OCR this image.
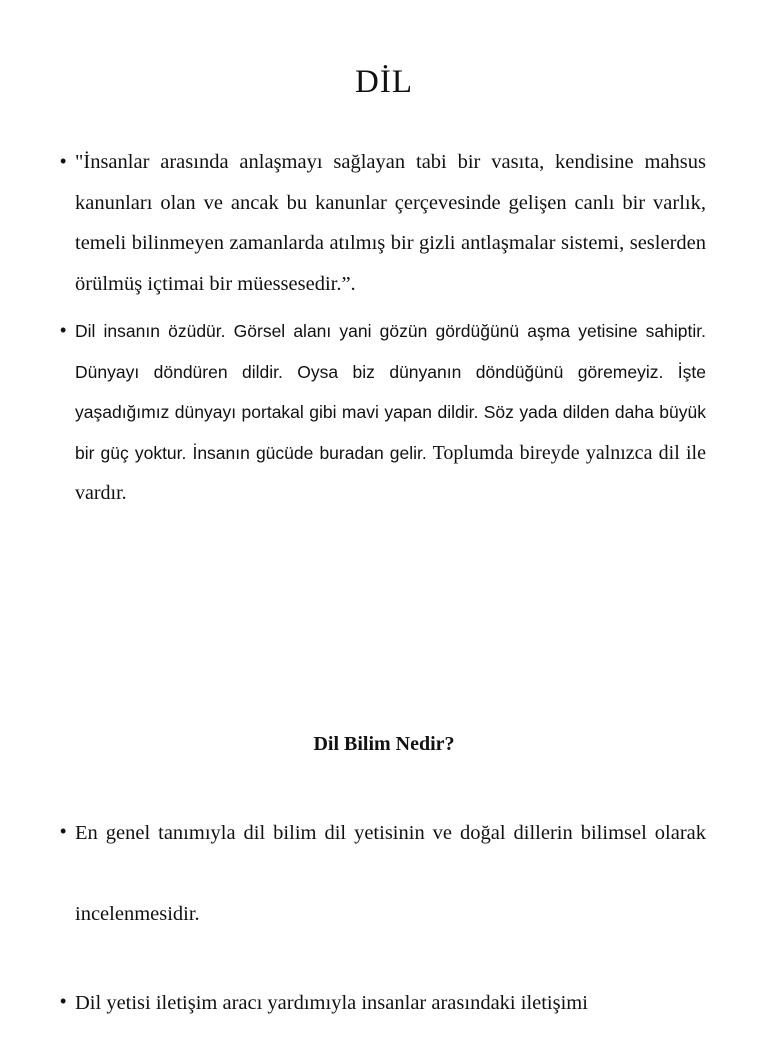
DİL
• "İnsanlar arasında anlaşmayı sağlayan tabi bir vasıta, kendisine mahsus kanunları olan ve ancak bu kanunlar çerçevesinde gelişen canlı bir varlık, temeli bilinmeyen zamanlarda atılmış bir gizli antlaşmalar sistemi, seslerden örülmüş içtimai bir müessesedir.”.
• Dil insanın özüdür. Görsel alanı yani gözün gördüğünü aşma yetisine sahiptir. Dünyayı döndüren dildir. Oysa biz dünyanın döndüğünü göremeyiz. İşte yaşadığımız dünyayı portakal gibi mavi yapan dildir. Söz yada dilden daha büyük bir güç yoktur. İnsanın gücüde buradan gelir. Toplumda bireyde yalnızca dil ile vardır.
Dil Bilim Nedir?
• En genel tanımıyla dil bilim dil yetisinin ve doğal dillerin bilimsel olarak incelenmesidir.
• Dil yetisi iletişim aracı yardımıyla insanlar arasındaki iletişimi
